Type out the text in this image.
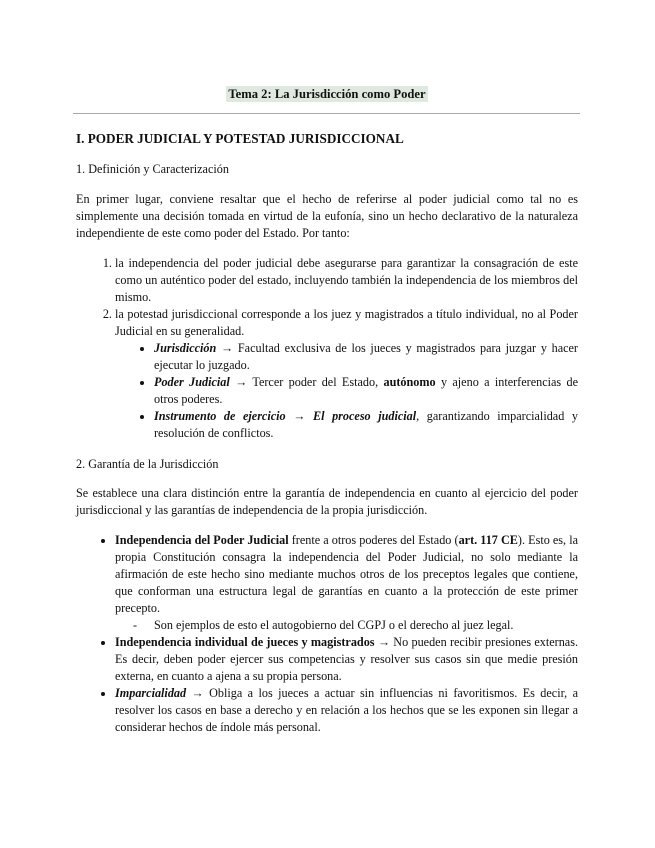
Tema 2: La Jurisdicción como Poder
I. PODER JUDICIAL Y POTESTAD JURISDICCIONAL
1. Definición y Caracterización

En primer lugar, conviene resaltar que el hecho de referirse al poder judicial como tal no es simplemente una decisión tomada en virtud de la eufonía, sino un hecho declarativo de la naturaleza independiente de este como poder del Estado. Por tanto:

1. la independencia del poder judicial debe asegurarse para garantizar la consagración de este como un auténtico poder del estado, incluyendo también la independencia de los miembros del mismo.
2. la potestad jurisdiccional corresponde a los juez y magistrados a título individual, no al Poder Judicial en su generalidad.
• Jurisdicción → Facultad exclusiva de los jueces y magistrados para juzgar y hacer ejecutar lo juzgado.
• Poder Judicial → Tercer poder del Estado, autónomo y ajeno a interferencias de otros poderes.
• Instrumento de ejercicio → El proceso judicial, garantizando imparcialidad y resolución de conflictos.
2. Garantía de la Jurisdicción

Se establece una clara distinción entre la garantía de independencia en cuanto al ejercicio del poder jurisdiccional y las garantías de independencia de la propia jurisdicción.

• Independencia del Poder Judicial frente a otros poderes del Estado (art. 117 CE). Esto es, la propia Constitución consagra la independencia del Poder Judicial, no solo mediante la afirmación de este hecho sino mediante muchos otros de los preceptos legales que contiene, que conforman una estructura legal de garantías en cuanto a la protección de este primer precepto.
- Son ejemplos de esto el autogobierno del CGPJ o el derecho al juez legal.
• Independencia individual de jueces y magistrados → No pueden recibir presiones externas. Es decir, deben poder ejercer sus competencias y resolver sus casos sin que medie presión externa, en cuanto a ajena a su propia persona.
• Imparcialidad → Obliga a los jueces a actuar sin influencias ni favoritismos. Es decir, a resolver los casos en base a derecho y en relación a los hechos que se les exponen sin llegar a considerar hechos de índole más personal.
